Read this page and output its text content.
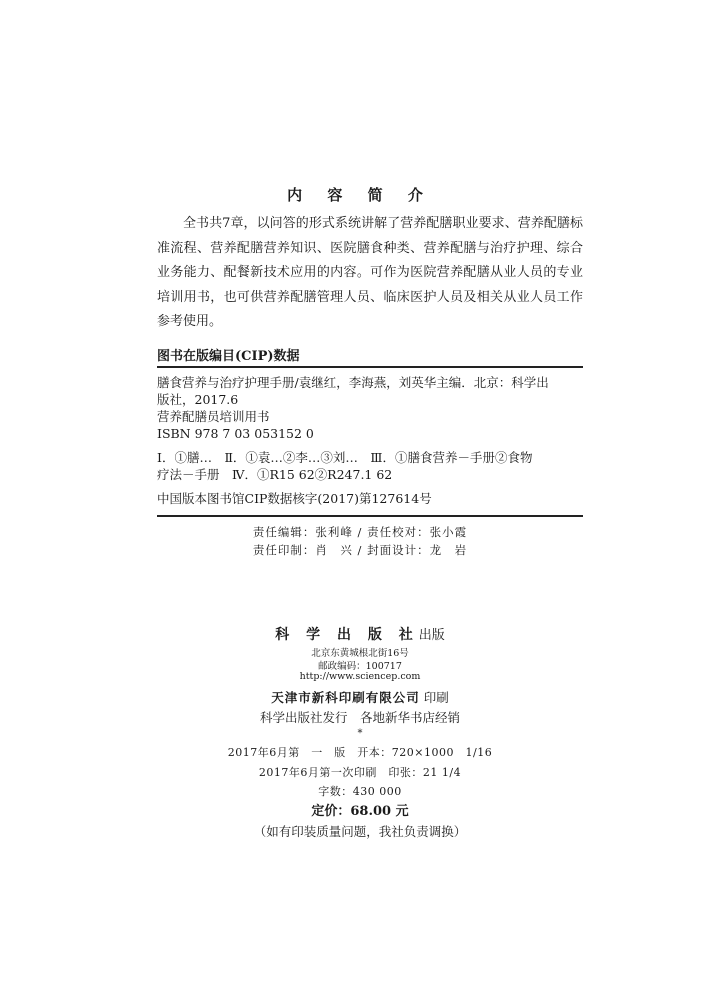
内 容 简 介
全书共7章，以问答的形式系统讲解了营养配膳职业要求、营养配膳标准流程、营养配膳营养知识、医院膳食种类、营养配膳与治疗护理、综合业务能力、配餐新技术应用的内容。可作为医院营养配膳从业人员的专业培训用书，也可供营养配膳管理人员、临床医护人员及相关从业人员工作参考使用。
图书在版编目(CIP)数据
膳食营养与治疗护理手册/袁继红，李海燕，刘英华主编．北京：科学出
版社，2017.6
营养配膳员培训用书
ISBN 978 7 03 053152 0
Ⅰ．①膳…　Ⅱ．①袁…②李…③刘…　Ⅲ．①膳食营养－手册②食物
疗法－手册　Ⅳ．①R15 62②R247.1 62
中国版本图书馆CIP数据核字(2017)第127614号
责任编辑：张利峰 / 责任校对：张小霞
责任印制：肖　兴 / 封面设计：龙　岩
科 学 出 版 社出版
北京东黄城根北街16号
邮政编码：100717
http://www.sciencep.com
天津市新科印刷有限公司 印刷
科学出版社发行　各地新华书店经销
*
2017年6月第　一　版　开本：720×1000　1/16
2017年6月第一次印刷　印张：21 1/4
字数：430 000
定价：68.00 元
（如有印装质量问题，我社负责调换）
